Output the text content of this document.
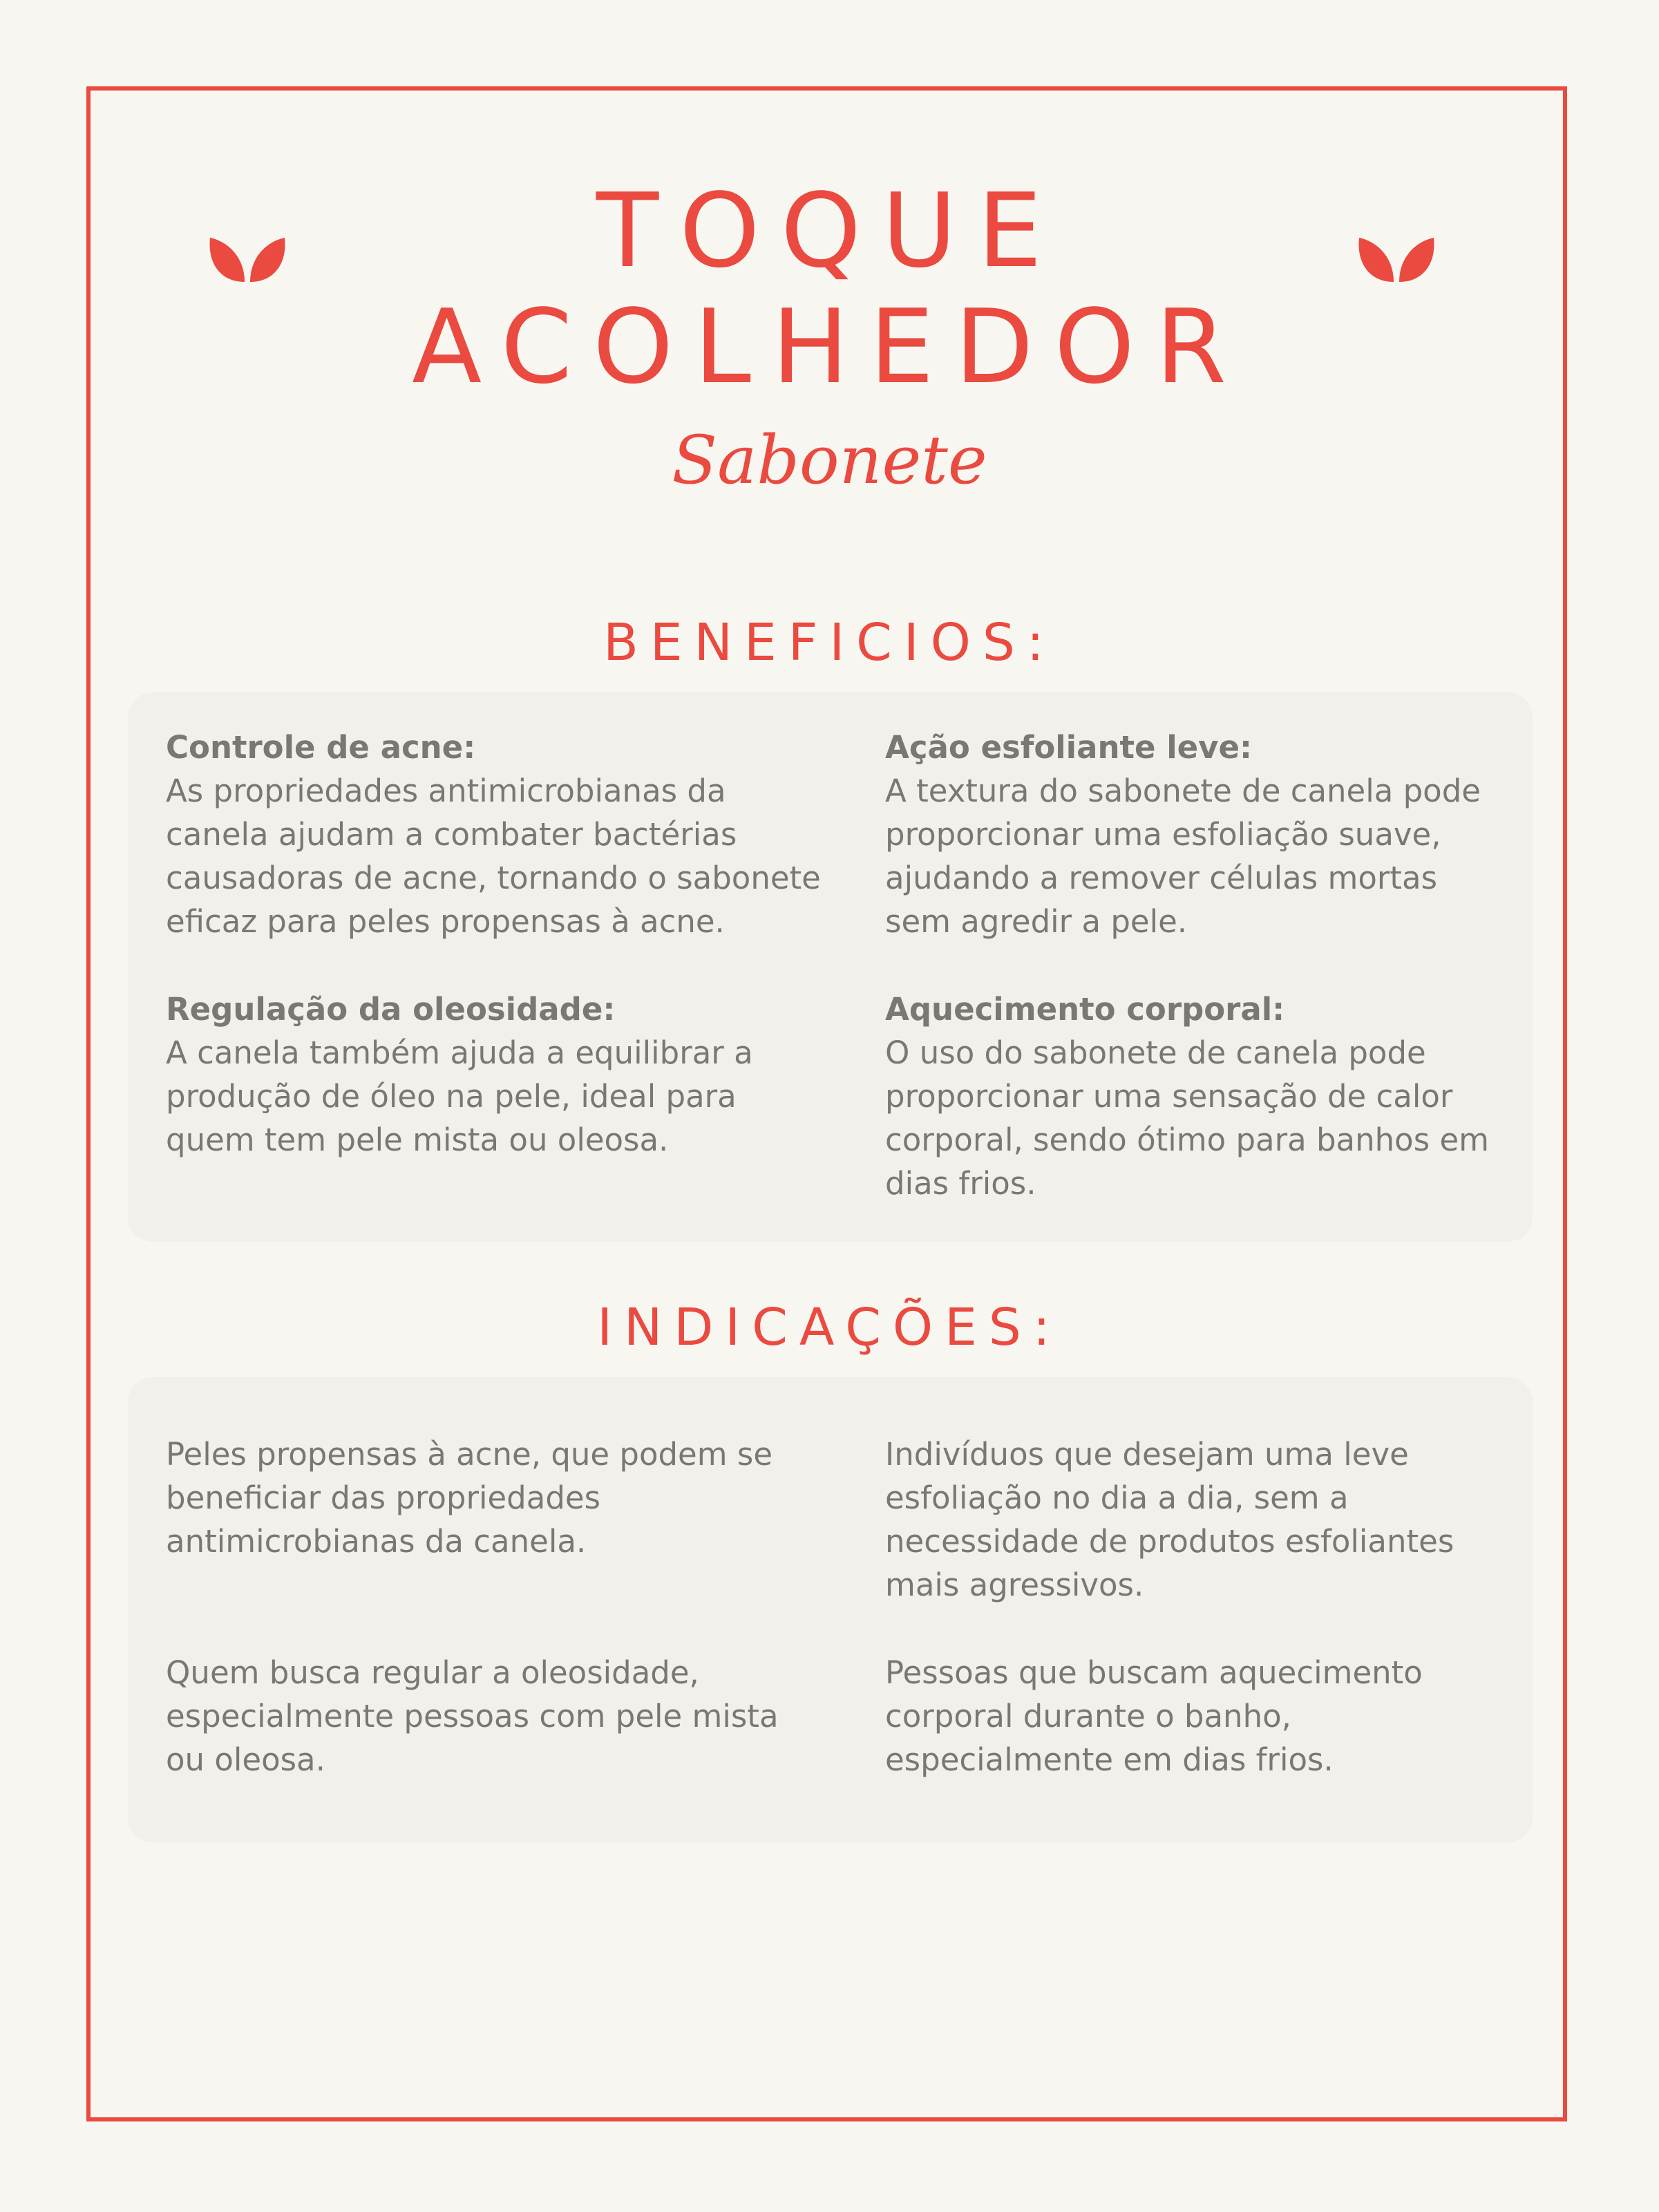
TOQUE
ACOLHEDOR
Sabonete
BENEFICIOS:
Controle de acne:
As propriedades antimicrobianas da canela ajudam a combater bactérias causadoras de acne, tornando o sabonete eficaz para peles propensas à acne.
Ação esfoliante leve:
A textura do sabonete de canela pode proporcionar uma esfoliação suave, ajudando a remover células mortas sem agredir a pele.
Regulação da oleosidade:
A canela também ajuda a equilibrar a produção de óleo na pele, ideal para quem tem pele mista ou oleosa.
Aquecimento corporal:
O uso do sabonete de canela pode proporcionar uma sensação de calor corporal, sendo ótimo para banhos em dias frios.
INDICAÇÕES:
Peles propensas à acne, que podem se beneficiar das propriedades antimicrobianas da canela.
Indivíduos que desejam uma leve esfoliação no dia a dia, sem a necessidade de produtos esfoliantes mais agressivos.
Quem busca regular a oleosidade, especialmente pessoas com pele mista ou oleosa.
Pessoas que buscam aquecimento corporal durante o banho, especialmente em dias frios.
